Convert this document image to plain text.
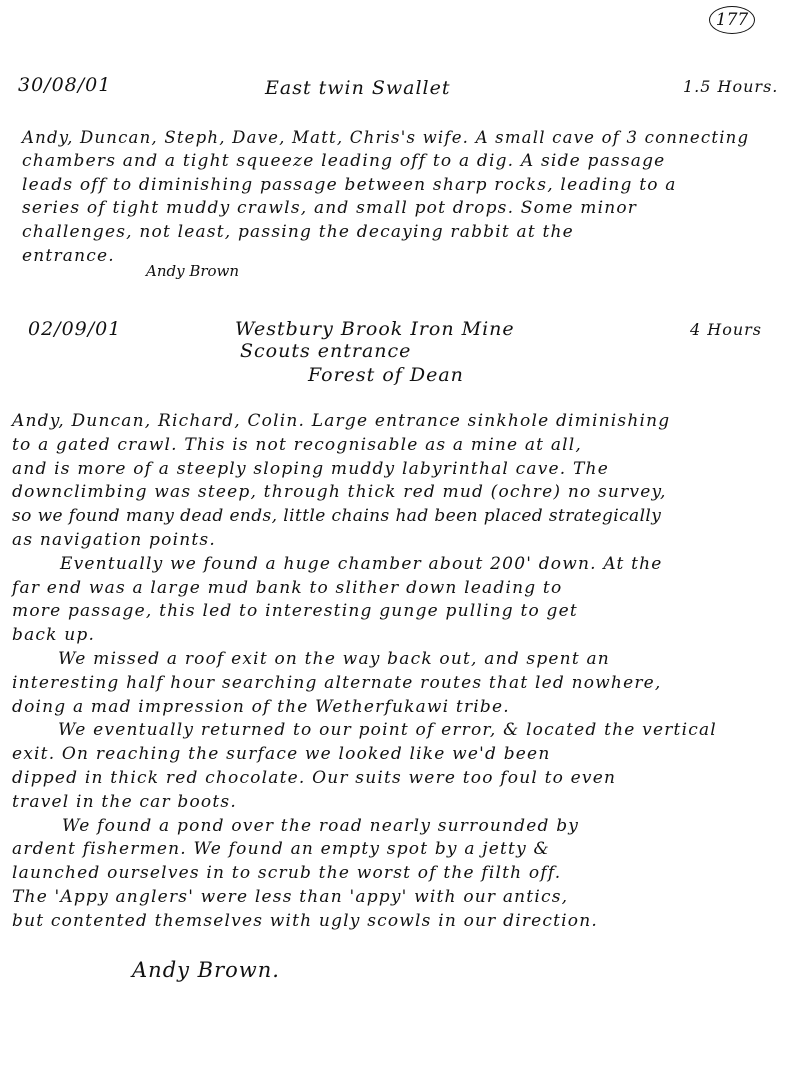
177
30/08/01	East twin Swallet	1.5 Hours.
Andy, Duncan, Steph, Dave, Matt, Chris's wife. A small cave of 3 connecting
chambers and a tight squeeze leading off to a dig. A side passage
leads off to diminishing passage between sharp rocks, leading to a
series of tight muddy crawls, and small pot drops. Some minor
challenges, not least, passing the decaying rabbit at the
entrance.
Andy Brown
02/09/01	Westbury Brook Iron Mine
Scouts entrance
Forest of Dean
4 Hours
Andy, Duncan, Richard, Colin. Large entrance sinkhole diminishing
to a gated crawl. This is not recognisable as a mine at all,
and is more of a steeply sloping muddy labyrinthal cave. The
downclimbing was steep, through thick red mud (ochre) no survey,
so we found many dead ends, little chains had been placed strategically
as navigation points.
Eventually we found a huge chamber about 200' down. At the
far end was a large mud bank to slither down leading to
more passage, this led to interesting gunge pulling to get
back up.
We missed a roof exit on the way back out, and spent an
interesting half hour searching alternate routes that led nowhere,
doing a mad impression of the Wetherfukawi tribe.
We eventually returned to our point of error, & located the vertical
exit. On reaching the surface we looked like we'd been
dipped in thick red chocolate. Our suits were too foul to even
travel in the car boots.
We found a pond over the road nearly surrounded by
ardent fishermen. We found an empty spot by a jetty &
launched ourselves in to scrub the worst of the filth off.
The 'Appy anglers' were less than 'appy' with our antics,
but contented themselves with ugly scowls in our direction.
Andy Brown.
